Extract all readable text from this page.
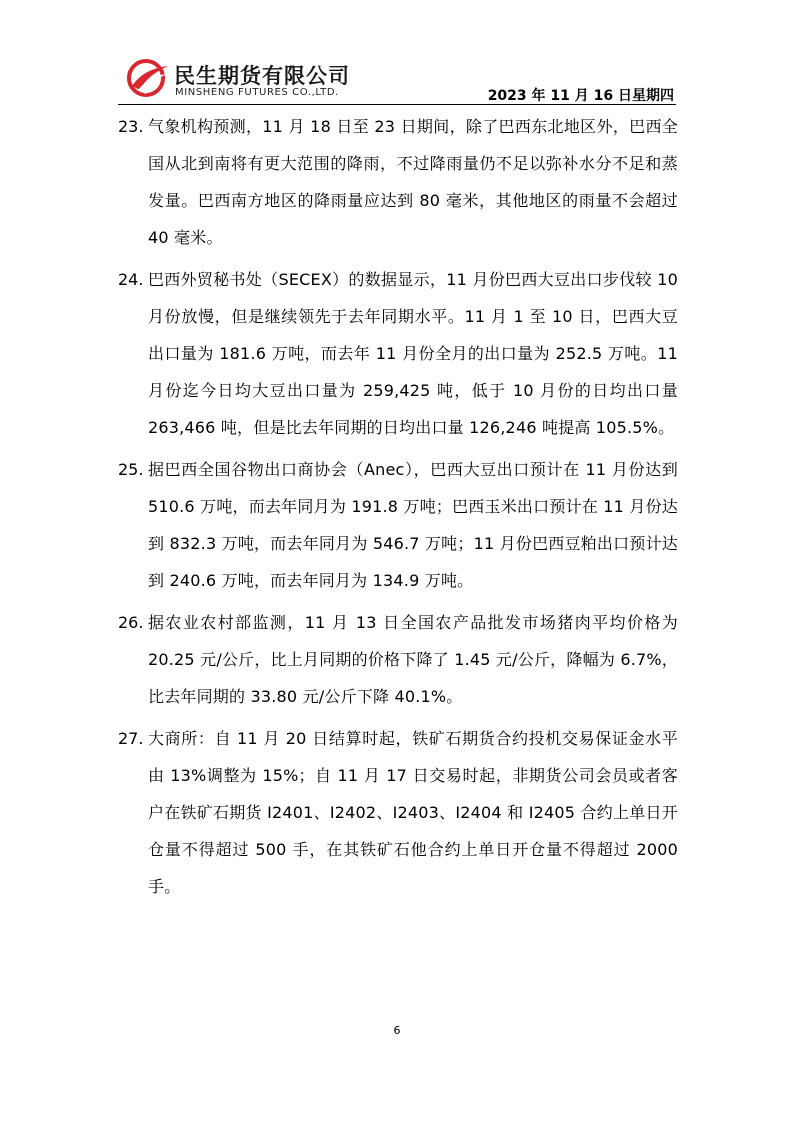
民生期货有限公司
MINSHENG FUTURES CO.,LTD.	2023 年 11 月 16 日星期四
23. 气象机构预测，11 月 18 日至 23 日期间，除了巴西东北地区外，巴西全国从北到南将有更大范围的降雨，不过降雨量仍不足以弥补水分不足和蒸发量。巴西南方地区的降雨量应达到 80 毫米，其他地区的雨量不会超过 40 毫米。
24. 巴西外贸秘书处（SECEX）的数据显示，11 月份巴西大豆出口步伐较 10 月份放慢，但是继续领先于去年同期水平。11 月 1 至 10 日，巴西大豆出口量为 181.6 万吨，而去年 11 月份全月的出口量为 252.5 万吨。11 月份迄今日均大豆出口量为 259,425 吨，低于 10 月份的日均出口量 263,466 吨，但是比去年同期的日均出口量 126,246 吨提高 105.5%。
25. 据巴西全国谷物出口商协会（Anec），巴西大豆出口预计在 11 月份达到 510.6 万吨，而去年同月为 191.8 万吨；巴西玉米出口预计在 11 月份达到 832.3 万吨，而去年同月为 546.7 万吨；11 月份巴西豆粕出口预计达到 240.6 万吨，而去年同月为 134.9 万吨。
26. 据农业农村部监测，11 月 13 日全国农产品批发市场猪肉平均价格为 20.25 元/公斤，比上月同期的价格下降了 1.45 元/公斤，降幅为 6.7%，比去年同期的 33.80 元/公斤下降 40.1%。
27. 大商所：自 11 月 20 日结算时起，铁矿石期货合约投机交易保证金水平由 13%调整为 15%；自 11 月 17 日交易时起，非期货公司会员或者客户在铁矿石期货 I2401、I2402、I2403、I2404 和 I2405 合约上单日开仓量不得超过 500 手，在其铁矿石他合约上单日开仓量不得超过 2000 手。
6
